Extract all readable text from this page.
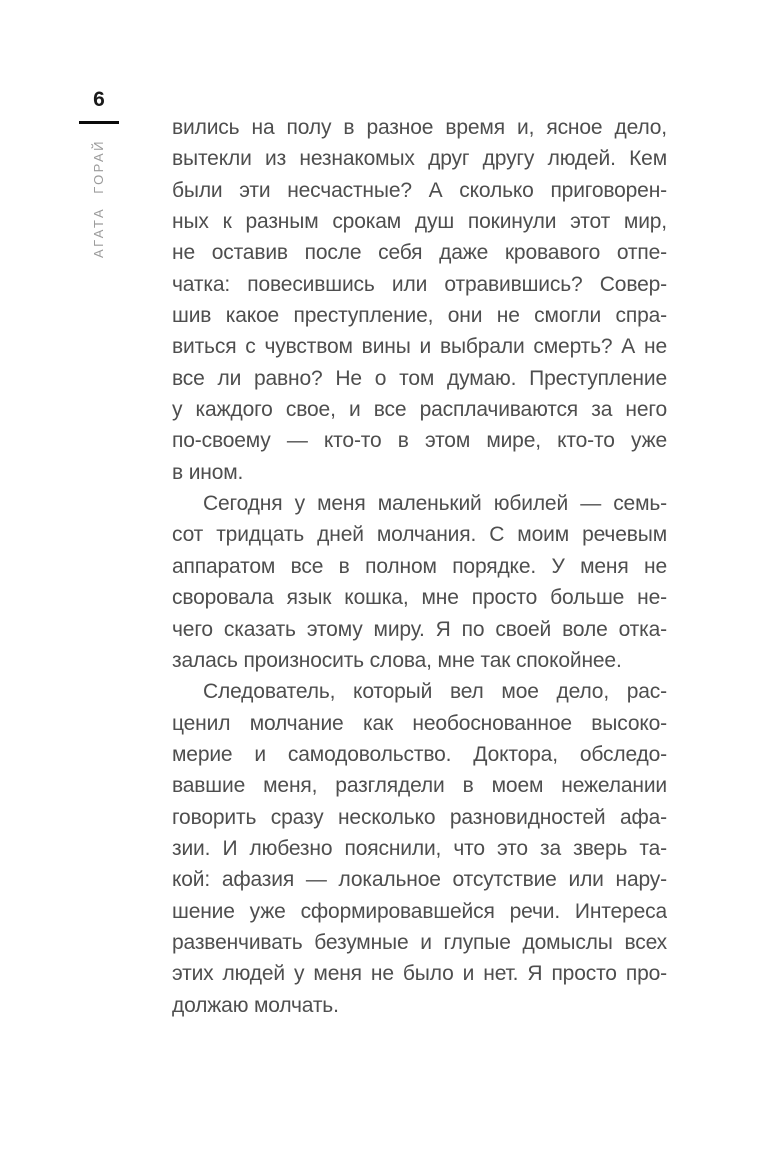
6
АГАТА ГОРАЙ
вились на полу в разное время и, ясное дело,
вытекли из незнакомых друг другу людей. Кем
были эти несчастные? А сколько приговорен-
ных к разным срокам душ покинули этот мир,
не оставив после себя даже кровавого отпе-
чатка: повесившись или отравившись? Совер-
шив какое преступление, они не смогли спра-
виться с чувством вины и выбрали смерть? А не
все ли равно? Не о том думаю. Преступление
у каждого свое, и все расплачиваются за него
по-своему — кто-то в этом мире, кто-то уже
в ином.
Сегодня у меня маленький юбилей — семь-
сот тридцать дней молчания. С моим речевым
аппаратом все в полном порядке. У меня не
своровала язык кошка, мне просто больше не-
чего сказать этому миру. Я по своей воле отка-
залась произносить слова, мне так спокойнее.
Следователь, который вел мое дело, рас-
ценил молчание как необоснованное высоко-
мерие и самодовольство. Доктора, обследо-
вавшие меня, разглядели в моем нежелании
говорить сразу несколько разновидностей афа-
зии. И любезно пояснили, что это за зверь та-
кой: афазия — локальное отсутствие или нару-
шение уже сформировавшейся речи. Интереса
развенчивать безумные и глупые домыслы всех
этих людей у меня не было и нет. Я просто про-
должаю молчать.
